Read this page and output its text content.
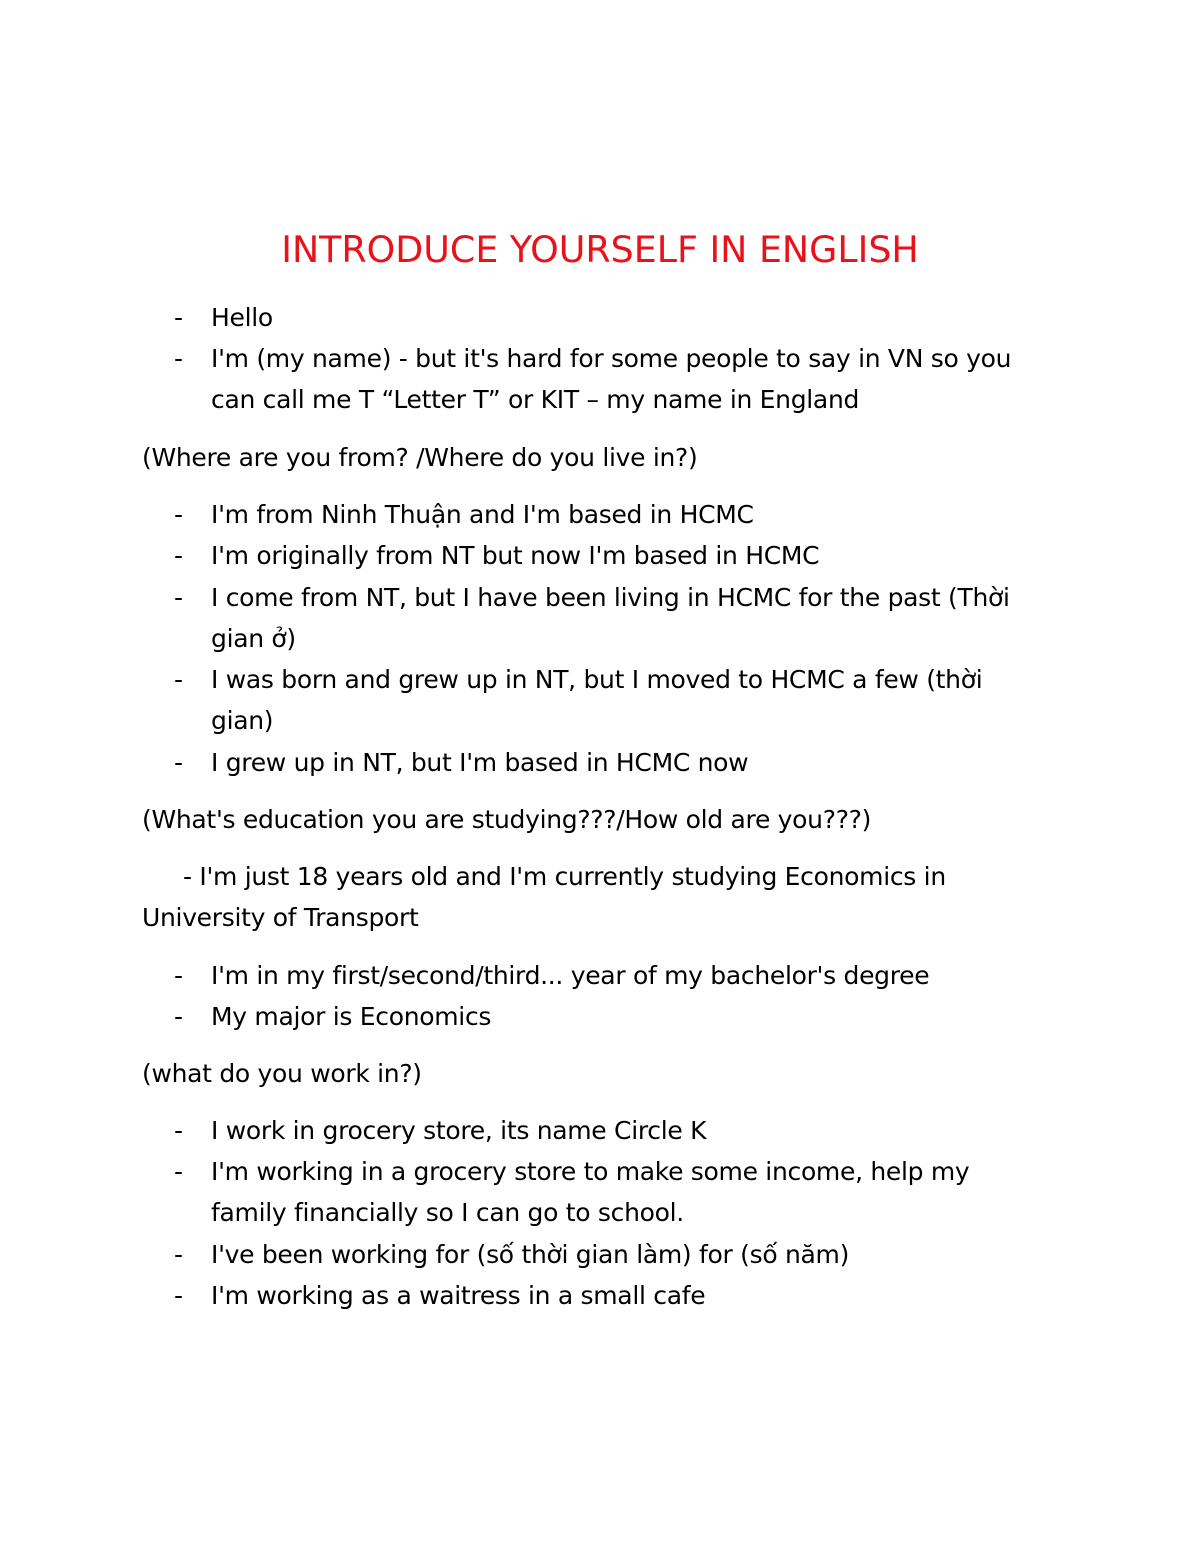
INTRODUCE YOURSELF IN ENGLISH
- Hello
- I'm (my name) - but it's hard for some people to say in VN so you
can call me T “Letter T” or KIT – my name in England
(Where are you from? /Where do you live in?)
- I'm from Ninh Thuận and I'm based in HCMC
- I'm originally from NT but now I'm based in HCMC
- I come from NT, but I have been living in HCMC for the past (Thời
gian ở)
- I was born and grew up in NT, but I moved to HCMC a few (thời
gian)
- I grew up in NT, but I'm based in HCMC now
(What's education you are studying???/How old are you???)
- I'm just 18 years old and I'm currently studying Economics in
University of Transport
- I'm in my first/second/third... year of my bachelor's degree
- My major is Economics
(what do you work in?)
- I work in grocery store, its name Circle K
- I'm working in a grocery store to make some income, help my
family financially so I can go to school.
- I've been working for (số thời gian làm) for (số năm)
- I'm working as a waitress in a small cafe
